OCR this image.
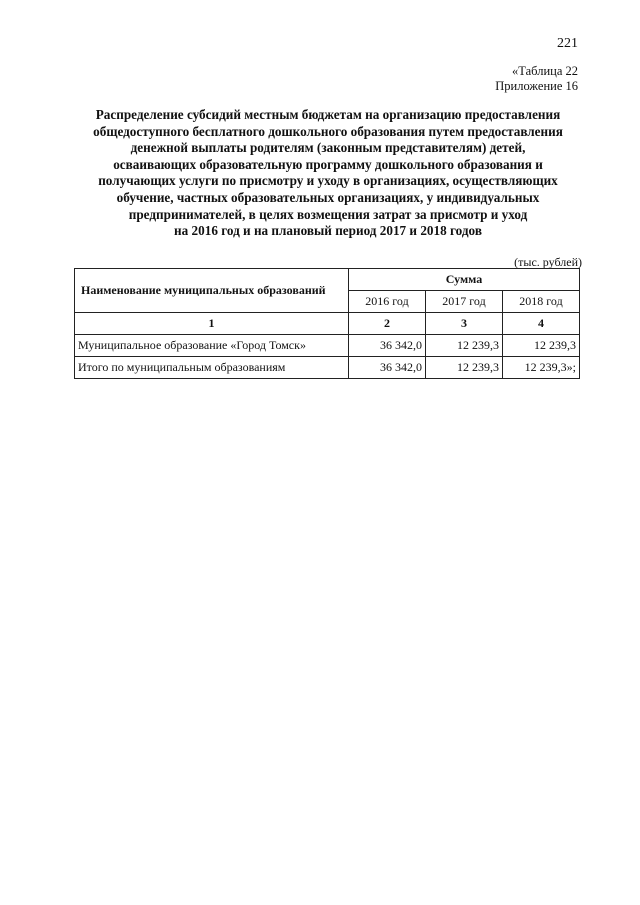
221
«Таблица 22
Приложение 16
Распределение субсидий местным бюджетам на организацию предоставления
общедоступного бесплатного дошкольного образования путем предоставления
денежной выплаты родителям (законным представителям) детей,
осваивающих образовательную программу дошкольного образования и
получающих услуги по присмотру и уходу в организациях, осуществляющих
обучение, частных образовательных организациях, у индивидуальных
предпринимателей, в целях возмещения затрат за присмотр и уход
на 2016 год и на плановый период 2017 и 2018 годов
(тыс. рублей)
Наименование муниципальных образований	Сумма		
	2016 год	2017 год	2018 год
1	2	3	4
Муниципальное образование «Город Томск»	36 342,0	12 239,3	12 239,3
Итого по муниципальным образованиям	36 342,0	12 239,3	12 239,3»;
